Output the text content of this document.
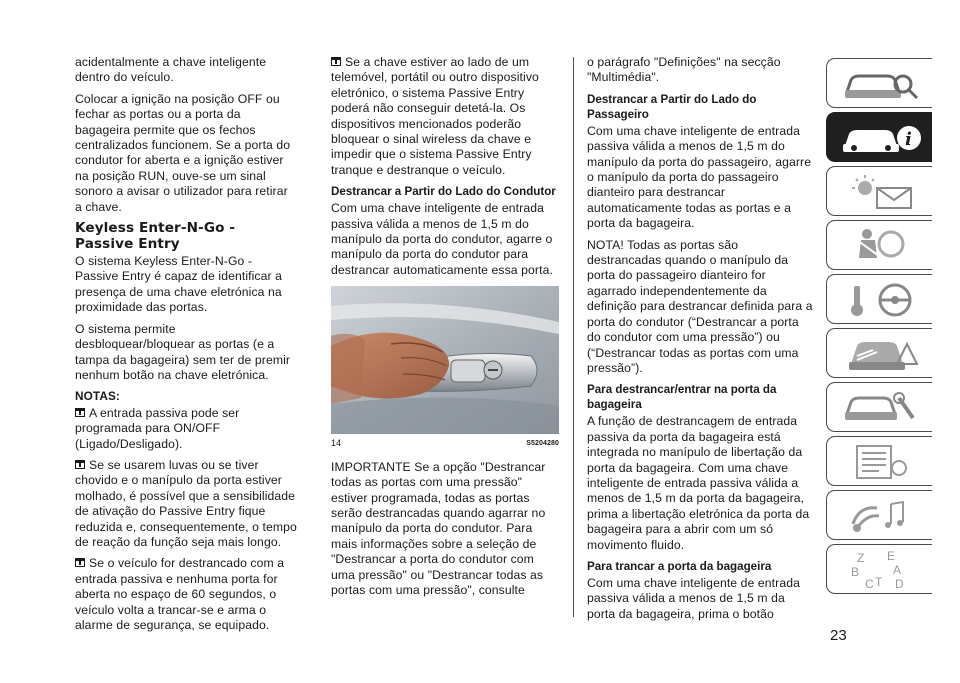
acidentalmente a chave inteligente dentro do veículo.

Colocar a ignição na posição OFF ou fechar as portas ou a porta da bagageira permite que os fechos centralizados funcionem. Se a porta do condutor for aberta e a ignição estiver na posição RUN, ouve-se um sinal sonoro a avisar o utilizador para retirar a chave.

Keyless Enter-N-Go - Passive Entry

O sistema Keyless Enter-N-Go - Passive Entry é capaz de identificar a presença de uma chave eletrónica na proximidade das portas.

O sistema permite desbloquear/bloquear as portas (e a tampa da bagageira) sem ter de premir nenhum botão na chave eletrónica.

NOTAS:

A entrada passiva pode ser programada para ON/OFF (Ligado/Desligado).

Se se usarem luvas ou se tiver chovido e o manípulo da porta estiver molhado, é possível que a sensibilidade de ativação do Passive Entry fique reduzida e, consequentemente, o tempo de reação da função seja mais longo.

Se o veículo for destrancado com a entrada passiva e nenhuma porta for aberta no espaço de 60 segundos, o veículo volta a trancar-se e arma o alarme de segurança, se equipado.

Se a chave estiver ao lado de um telemóvel, portátil ou outro dispositivo eletrónico, o sistema Passive Entry poderá não conseguir detetá-la. Os dispositivos mencionados poderão bloquear o sinal wireless da chave e impedir que o sistema Passive Entry tranque e destranque o veículo.

Destrancar a Partir do Lado do Condutor

Com uma chave inteligente de entrada passiva válida a menos de 1,5 m do manípulo da porta do condutor, agarre o manípulo da porta do condutor para destrancar automaticamente essa porta.

14	S5204280

IMPORTANTE Se a opção "Destrancar todas as portas com uma pressão" estiver programada, todas as portas serão destrancadas quando agarrar no manípulo da porta do condutor. Para mais informações sobre a seleção de "Destrancar a porta do condutor com uma pressão" ou "Destrancar todas as portas com uma pressão", consulte

o parágrafo "Definições" na secção "Multimédia".

Destrancar a Partir do Lado do Passageiro

Com uma chave inteligente de entrada passiva válida a menos de 1,5 m do manípulo da porta do passageiro, agarre o manípulo da porta do passageiro dianteiro para destrancar automaticamente todas as portas e a porta da bagageira.

NOTA! Todas as portas são destrancadas quando o manípulo da porta do passageiro dianteiro for agarrado independentemente da definição para destrancar definida para a porta do condutor (“Destrancar a porta do condutor com uma pressão”) ou (“Destrancar todas as portas com uma pressão”).

Para destrancar/entrar na porta da bagageira

A função de destrancagem de entrada passiva da porta da bagageira está integrada no manípulo de libertação da porta da bagageira. Com uma chave inteligente de entrada passiva válida a menos de 1,5 m da porta da bagageira, prima a libertação eletrónica da porta da bagageira para a abrir com um só movimento fluido.

Para trancar a porta da bagageira

Com uma chave inteligente de entrada passiva válida a menos de 1,5 m da porta da bagageira, prima o botão

i
Z E
B	A
C T D
23
